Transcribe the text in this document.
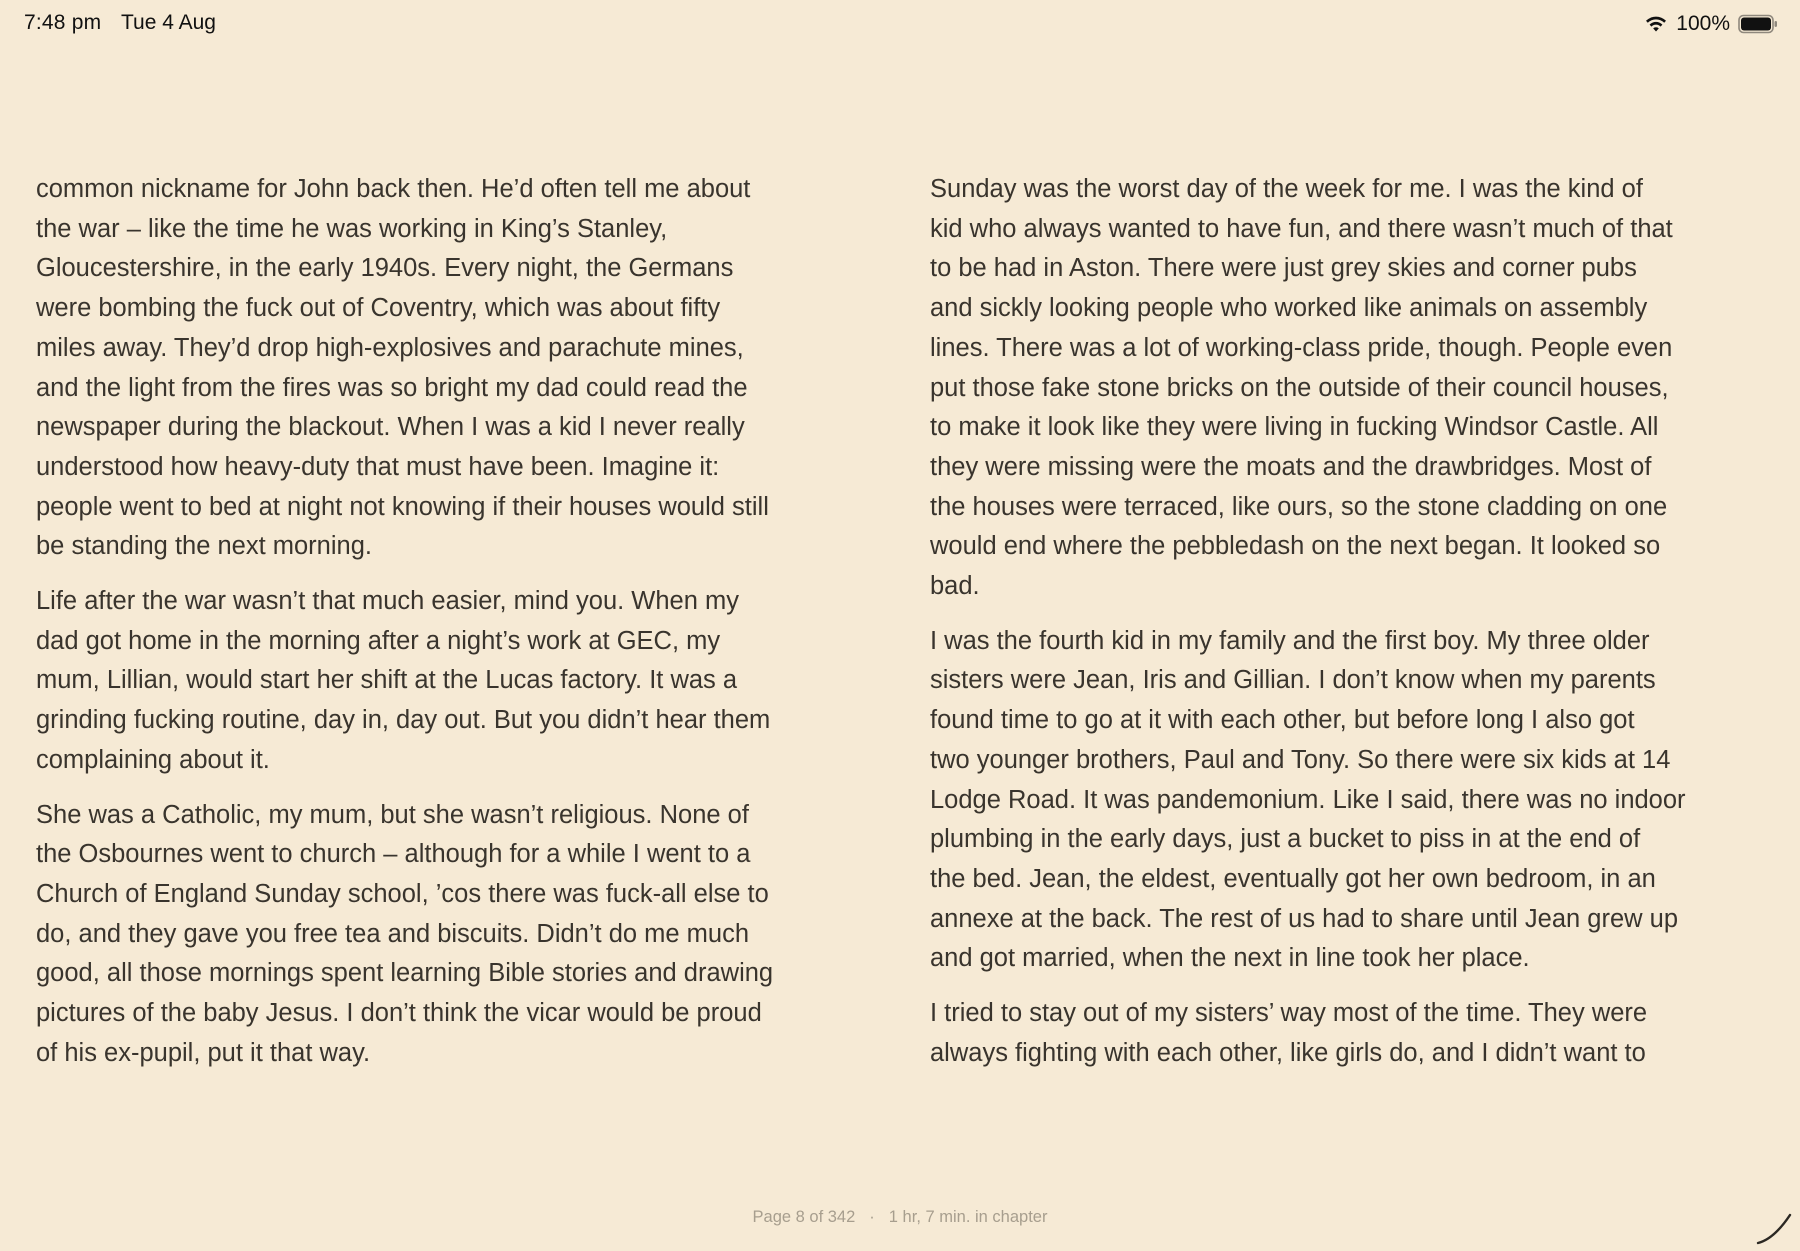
7:48 pm Tue 4 Aug	100%

common nickname for John back then. He’d often tell me about
the war – like the time he was working in King’s Stanley,
Gloucestershire, in the early 1940s. Every night, the Germans
were bombing the fuck out of Coventry, which was about fifty
miles away. They’d drop high-explosives and parachute mines,
and the light from the fires was so bright my dad could read the
newspaper during the blackout. When I was a kid I never really
understood how heavy-duty that must have been. Imagine it:
people went to bed at night not knowing if their houses would still
be standing the next morning.

Life after the war wasn’t that much easier, mind you. When my
dad got home in the morning after a night’s work at GEC, my
mum, Lillian, would start her shift at the Lucas factory. It was a
grinding fucking routine, day in, day out. But you didn’t hear them
complaining about it.

She was a Catholic, my mum, but she wasn’t religious. None of
the Osbournes went to church – although for a while I went to a
Church of England Sunday school, ’cos there was fuck-all else to
do, and they gave you free tea and biscuits. Didn’t do me much
good, all those mornings spent learning Bible stories and drawing
pictures of the baby Jesus. I don’t think the vicar would be proud
of his ex-pupil, put it that way.

Sunday was the worst day of the week for me. I was the kind of
kid who always wanted to have fun, and there wasn’t much of that
to be had in Aston. There were just grey skies and corner pubs
and sickly looking people who worked like animals on assembly
lines. There was a lot of working-class pride, though. People even
put those fake stone bricks on the outside of their council houses,
to make it look like they were living in fucking Windsor Castle. All
they were missing were the moats and the drawbridges. Most of
the houses were terraced, like ours, so the stone cladding on one
would end where the pebbledash on the next began. It looked so
bad.

I was the fourth kid in my family and the first boy. My three older
sisters were Jean, Iris and Gillian. I don’t know when my parents
found time to go at it with each other, but before long I also got
two younger brothers, Paul and Tony. So there were six kids at 14
Lodge Road. It was pandemonium. Like I said, there was no indoor
plumbing in the early days, just a bucket to piss in at the end of
the bed. Jean, the eldest, eventually got her own bedroom, in an
annexe at the back. The rest of us had to share until Jean grew up
and got married, when the next in line took her place.

I tried to stay out of my sisters’ way most of the time. They were
always fighting with each other, like girls do, and I didn’t want to

Page 8 of 342 · 1 hr, 7 min. in chapter
